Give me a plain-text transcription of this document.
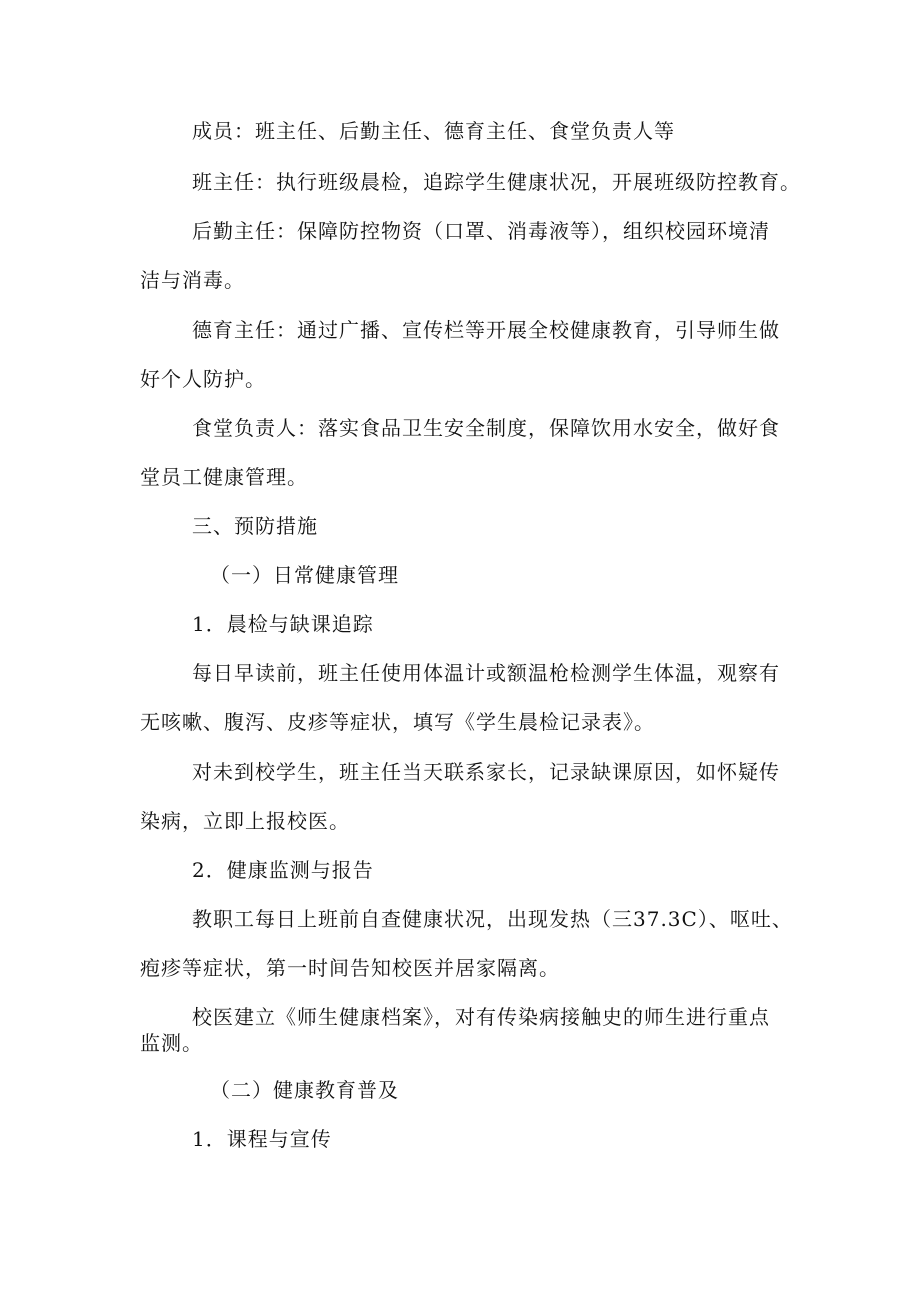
成员：班主任、后勤主任、德育主任、食堂负责人等
班主任：执行班级晨检，追踪学生健康状况，开展班级防控教育。
后勤主任：保障防控物资（口罩、消毒液等），组织校园环境清
洁与消毒。
德育主任：通过广播、宣传栏等开展全校健康教育，引导师生做
好个人防护。
食堂负责人：落实食品卫生安全制度，保障饮用水安全，做好食
堂员工健康管理。
三、预防措施
（一）日常健康管理
1．晨检与缺课追踪
每日早读前，班主任使用体温计或额温枪检测学生体温，观察有
无咳嗽、腹泻、皮疹等症状，填写《学生晨检记录表》。
对未到校学生，班主任当天联系家长，记录缺课原因，如怀疑传
染病，立即上报校医。
2．健康监测与报告
教职工每日上班前自查健康状况，出现发热（三37.3C）、呕吐、
疱疹等症状，第一时间告知校医并居家隔离。
校医建立《师生健康档案》，对有传染病接触史的师生进行重点
监测。
（二）健康教育普及
1．课程与宣传
